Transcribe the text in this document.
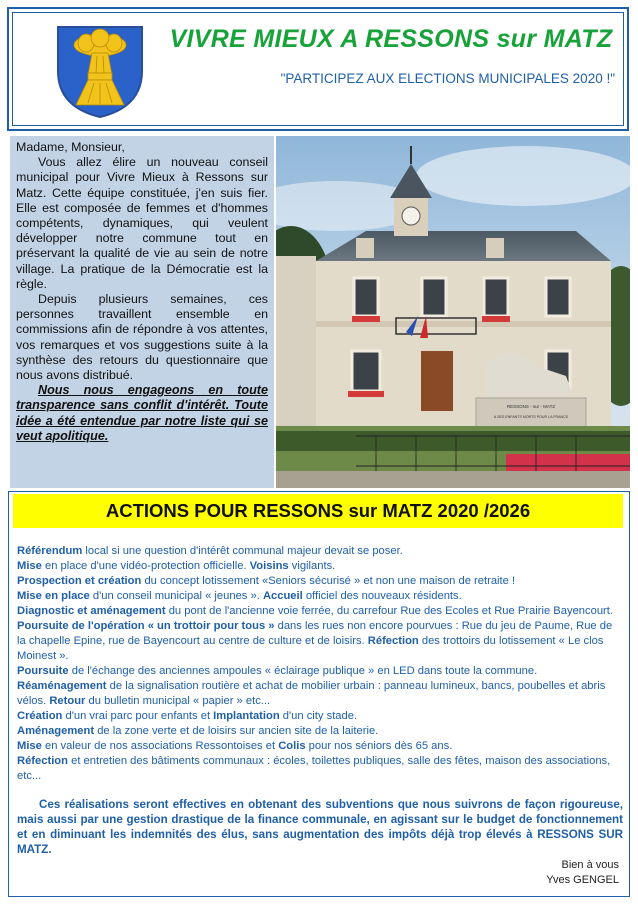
VIVRE MIEUX A RESSONS sur MATZ
"PARTICIPEZ AUX ELECTIONS MUNICIPALES 2020 !"

Madame, Monsieur,

Vous allez élire un nouveau conseil municipal pour Vivre Mieux à Ressons sur Matz. Cette équipe constituée, j'en suis fier. Elle est composée de femmes et d'hommes compétents, dynamiques, qui veulent développer notre commune tout en préservant la qualité de vie au sein de notre village. La pratique de la Démocratie est la règle.

Depuis plusieurs semaines, ces personnes travaillent ensemble en commissions afin de répondre à vos attentes, vos remarques et vos suggestions suite à la synthèse des retours du questionnaire que nous avons distribué.

Nous nous engageons en toute transparence sans conflit d'intérêt. Toute idée a été entendue par notre liste qui se veut apolitique.

RESSONS - sur - MATZ
A SES ENFANTS MORTS POUR LA FRANCE
ACTIONS POUR RESSONS sur MATZ 2020 /2026

Référendum local si une question d'intérêt communal majeur devait se poser.

Mise en place d'une vidéo-protection officielle. Voisins vigilants.

Prospection et création du concept lotissement «Seniors sécurisé » et non une maison de retraite !

Mise en place d'un conseil municipal « jeunes ». Accueil officiel des nouveaux résidents.

Diagnostic et aménagement du pont de l'ancienne voie ferrée, du carrefour Rue des Ecoles et Rue Prairie Bayencourt. Poursuite de l'opération « un trottoir pour tous » dans les rues non encore pourvues : Rue du jeu de Paume, Rue de la chapelle Epine, rue de Bayencourt au centre de culture et de loisirs. Réfection des trottoirs du lotissement « Le clos Moinest ».

Poursuite de l'échange des anciennes ampoules « éclairage publique » en LED dans toute la commune.

Réaménagement de la signalisation routière et achat de mobilier urbain : panneau lumineux, bancs, poubelles et abris vélos. Retour du bulletin municipal « papier » etc...

Création d'un vrai parc pour enfants et Implantation d'un city stade.

Aménagement de la zone verte et de loisirs sur ancien site de la laiterie.

Mise en valeur de nos associations Ressontoises et Colis pour nos séniors dès 65 ans.

Réfection et entretien des bâtiments communaux : écoles, toilettes publiques, salle des fêtes, maison des associations, etc...

Ces réalisations seront effectives en obtenant des subventions que nous suivrons de façon rigoureuse, mais aussi par une gestion drastique de la finance communale, en agissant sur le budget de fonctionnement et en diminuant les indemnités des élus, sans augmentation des impôts déjà trop élevés à RESSONS SUR MATZ.
Bien à vous
Yves GENGEL
